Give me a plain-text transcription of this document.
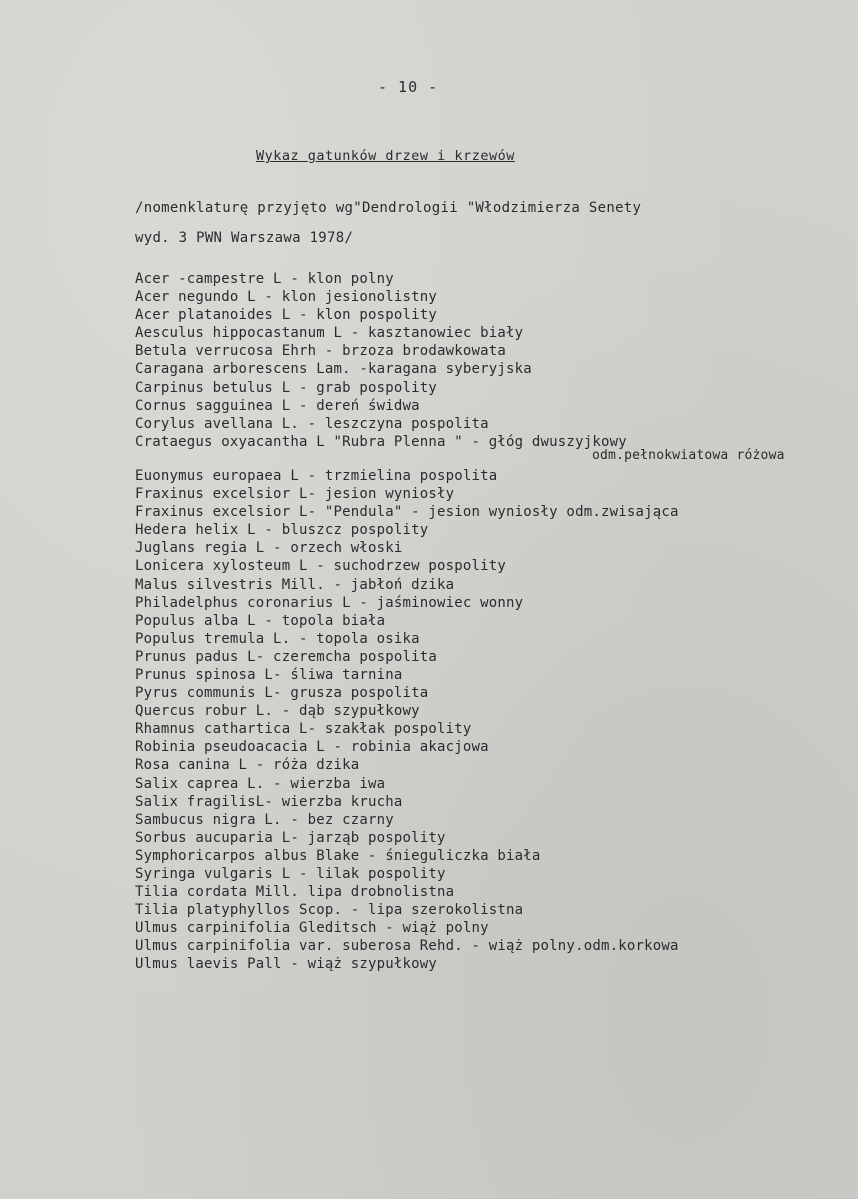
- 10 -
Wykaz gatunków drzew i krzewów
/nomenklaturę przyjęto wg"Dendrologii "Włodzimierza Senety
wyd. 3 PWN Warszawa 1978/
Acer -campestre L - klon polny
Acer negundo L - klon jesionolistny
Acer platanoides L - klon pospolity
Aesculus hippocastanum L - kasztanowiec biały
Betula verrucosa Ehrh - brzoza brodawkowata
Caragana arborescens Lam. -karagana syberyjska
Carpinus betulus L - grab pospolity
Cornus sagguinea L - dereń świdwa
Corylus avellana L. - leszczyna pospolita
Crataegus oxyacantha L "Rubra Plenna " - głóg dwuszyjkowy
odm.pełnokwiatowa różowa
Euonymus europaea L - trzmielina pospolita
Fraxinus excelsior L- jesion wyniosły
Fraxinus excelsior L- "Pendula" - jesion wyniosły odm.zwisająca
Hedera helix L - bluszcz pospolity
Juglans regia L - orzech włoski
Lonicera xylosteum L - suchodrzew pospolity
Malus silvestris Mill. - jabłoń dzika
Philadelphus coronarius L - jaśminowiec wonny
Populus alba L - topola biała
Populus tremula L. - topola osika
Prunus padus L- czeremcha pospolita
Prunus spinosa L- śliwa tarnina
Pyrus communis L- grusza pospolita
Quercus robur L. - dąb szypułkowy
Rhamnus cathartica L- szakłak pospolity
Robinia pseudoacacia L - robinia akacjowa
Rosa canina L - róża dzika
Salix caprea L. - wierzba iwa
Salix fragilisL- wierzba krucha
Sambucus nigra L. - bez czarny
Sorbus aucuparia L- jarząb pospolity
Symphoricarpos albus Blake - śnieguliczka biała
Syringa vulgaris L - lilak pospolity
Tilia cordata Mill. lipa drobnolistna
Tilia platyphyllos Scop. - lipa szerokolistna
Ulmus carpinifolia Gleditsch - wiąż polny
Ulmus carpinifolia var. suberosa Rehd. - wiąż polny.odm.korkowa
Ulmus laevis Pall - wiąż szypułkowy
